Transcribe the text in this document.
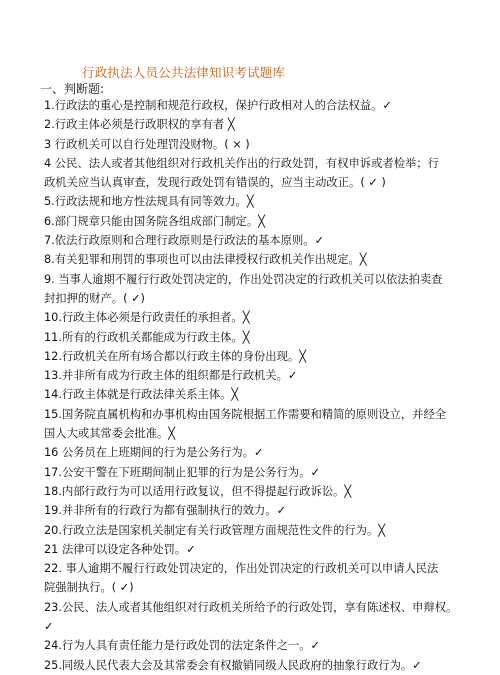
行政执法人员公共法律知识考试题库
一、判断题:
1.行政法的重心是控制和规范行政权，保护行政相对人的合法权益。✓
2.行政主体必须是行政职权的享有者 ╳
3 行政机关可以自行处理罚没财物。( × )
4 公民、法人或者其他组织对行政机关作出的行政处罚，有权申诉或者检举；行
政机关应当认真审查，发现行政处罚有错误的，应当主动改正。( ✓ )
5.行政法规和地方性法规具有同等效力。╳
6.部门规章只能由国务院各组成部门制定。╳
7.依法行政原则和合理行政原则是行政法的基本原则。✓
8.有关犯罪和刑罚的事项也可以由法律授权行政机关作出规定。╳
9. 当事人逾期不履行行政处罚决定的，作出处罚决定的行政机关可以依法拍卖查
封扣押的财产。( ✓)
10.行政主体必须是行政责任的承担者。╳
11.所有的行政机关都能成为行政主体。╳
12.行政机关在所有场合都以行政主体的身份出现。╳
13.并非所有成为行政主体的组织都是行政机关。✓
14.行政主体就是行政法律关系主体。╳
15.国务院直属机构和办事机构由国务院根据工作需要和精简的原则设立，并经全
国人大或其常委会批准。╳
16 公务员在上班期间的行为是公务行为。✓
17.公安干警在下班期间制止犯罪的行为是公务行为。✓
18.内部行政行为可以适用行政复议，但不得提起行政诉讼。╳
19.并非所有的行政行为都有强制执行的效力。✓
20.行政立法是国家机关制定有关行政管理方面规范性文件的行为。╳
21 法律可以设定各种处罚。✓
22. 事人逾期不履行行政处罚决定的，作出处罚决定的行政机关可以申请人民法
院强制执行。( ✓)
23.公民、法人或者其他组织对行政机关所给予的行政处罚，享有陈述权、申辩权。
✓
24.行为人具有责任能力是行政处罚的法定条件之一。✓
25.同级人民代表大会及其常委会有权撤销同级人民政府的抽象行政行为。✓
